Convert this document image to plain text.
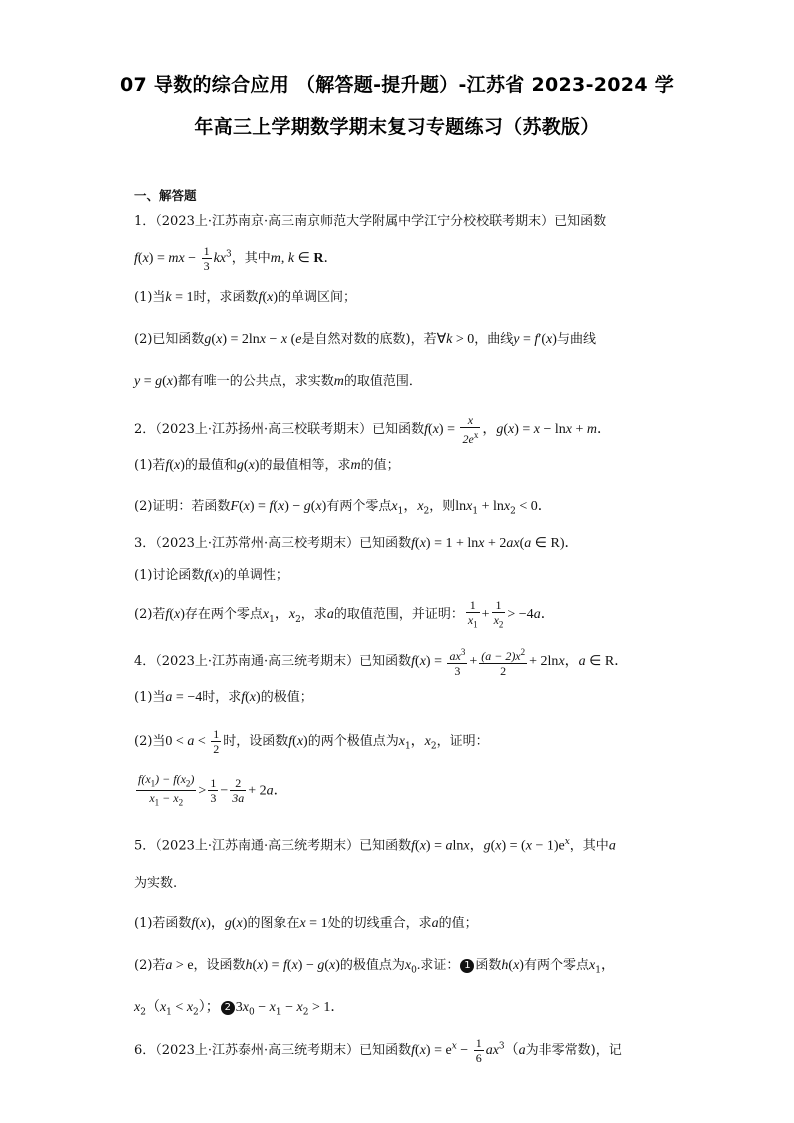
07 导数的综合应用 （解答题-提升题）-江苏省 2023-2024 学
年高三上学期数学期末复习专题练习（苏教版）
一、解答题
1．（2023上·江苏南京·高三南京师范大学附属中学江宁分校校联考期末）已知函数
f(x) = mx − $\frac{1}{3} kx^3$，其中m, k ∈ R．
(1)当k = 1时，求函数f(x)的单调区间；
(2)已知函数g(x) = 2lnx − x (e是自然对数的底数)，若∀k > 0，曲线y = f′(x)与曲线
y = g(x)都有唯一的公共点，求实数m的取值范围．
2．（2023上·江苏扬州·高三校联考期末）已知函数$f(x) = \frac{x}{2e^x}$ ，g(x) = x − lnx + m．
(1)若f(x)的最值和g(x)的最值相等，求m的值；
(2)证明：若函数F(x) = f(x) − g(x)有两个零点$x_1$，$x_2$，则lnx$_1$ + lnx$_2$ < 0．
3．（2023上·江苏常州·高三校考期末）已知函数f(x) = 1 + lnx + 2ax(a ∈ R)．
(1)讨论函数f(x)的单调性；
(2)若f(x)存在两个零点$x_1$，$x_2$，求a的取值范围，并证明： $\frac{1}{x_1} + \frac{1}{x_2} > -4a$．
4．（2023上·江苏南通·高三统考期末）已知函数$f(x) = \frac{ax^3}{3} + \frac{(a - 2)x^2}{2} + 2\ln x$，a ∈ R．
(1)当a = −4时，求f(x)的极值；
(2)当$0 < a < \frac{1}{2}$ 时，设函数f(x)的两个极值点为$x_1$，$x_2$，证明：
$\frac{f(x_1) - f(x_2)}{x_1 - x_2} > \frac{1}{3} - \frac{2}{3a} + 2a$．
5．（2023上·江苏南通·高三统考期末）已知函数f(x) = alnx，$g(x) = (x - 1)e^x$，其中a
为实数.
(1)若函数f(x)，g(x)的图象在x = 1处的切线重合，求a的值；
(2)若a > e，设函数h(x) = f(x) − g(x)的极值点为$x_0$.求证： 1 函数h(x)有两个零点$x_1$，
$x_2(x_1 < x_2)$； 2 $3x_0 - x_1 - x_2 > 1$．
6．（2023上·江苏泰州·高三统考期末）已知函数$f(x) = e^x - \frac{1}{6} ax^3(a$为非零常数)，记
